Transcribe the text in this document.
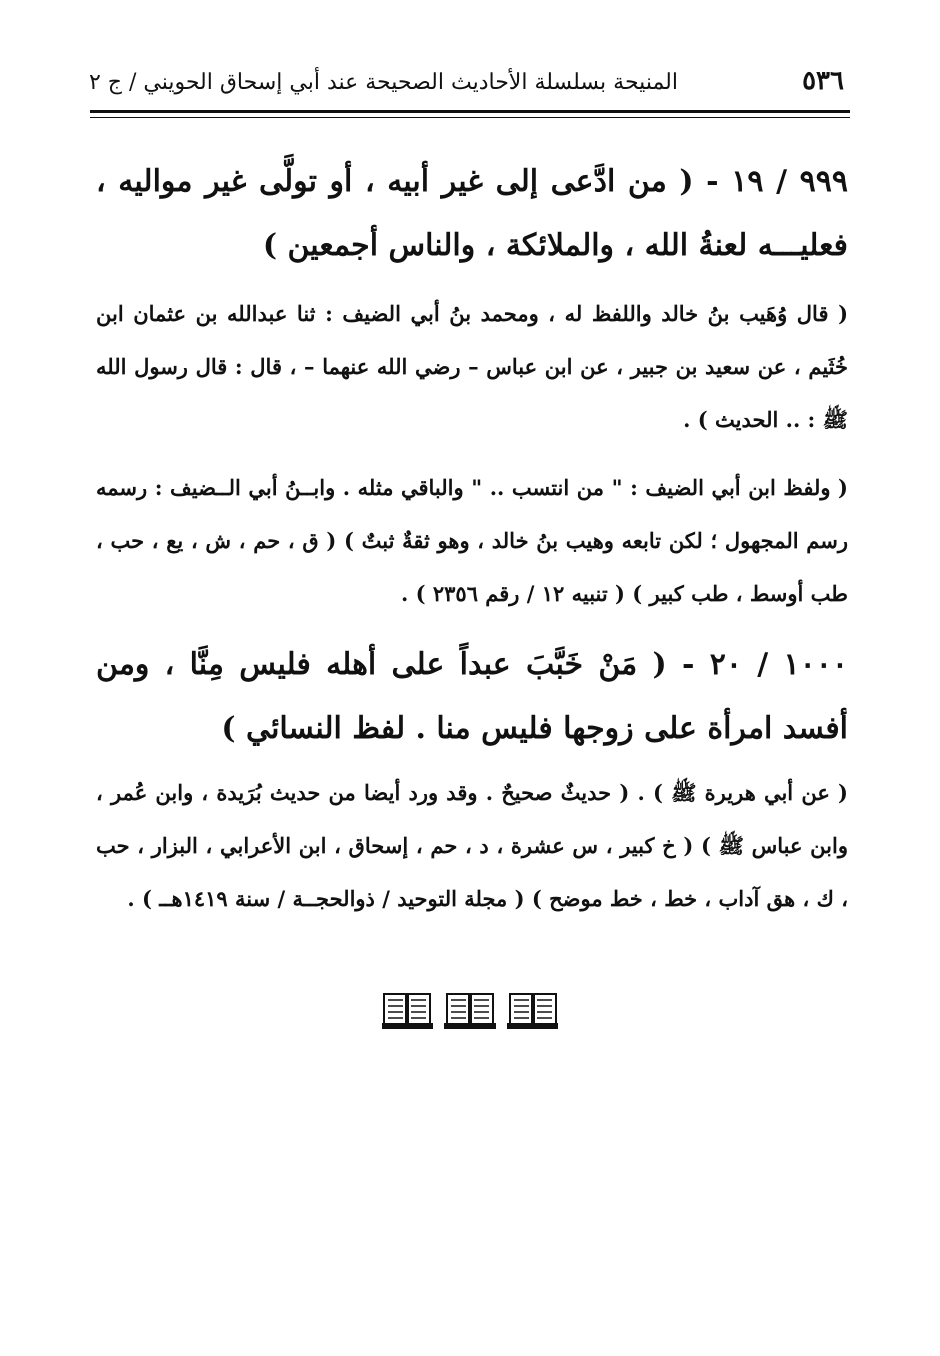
٥٣٦
المنيحة بسلسلة الأحاديث الصحيحة عند أبي إسحاق الحويني / ج ٢
٩٩٩ / ١٩ - ( من ادَّعى إلى غير أبيه ، أو تولَّى غير مواليه ، فعليـــه لعنةُ الله ، والملائكة ، والناس أجمعين )
( قال وُهَيب بنُ خالد واللفظ له ، ومحمد بنُ أبي الضيف : ثنا عبدالله بن عثمان ابن خُثَيم ، عن سعيد بن جبير ، عن ابن عباس – رضي الله عنهما – ، قال : قال رسول الله ﷺ : .. الحديث ) .
( ولفظ ابن أبي الضيف : " من انتسب .. " والباقي مثله . وابــنُ أبي الــضيف : رسمه رسم المجهول ؛ لكن تابعه وهيب بنُ خالد ، وهو ثقةٌ ثبتٌ ) ( ق ، حم ، ش ، يع ، حب ، طب أوسط ، طب كبير ) ( تنبيه ١٢ / رقم ٢٣٥٦ ) .
١٠٠٠ / ٢٠ - ( مَنْ خَبَّبَ عبداً على أهله فليس مِنَّا ، ومن أفسد امرأة على زوجها فليس منا . لفظ النسائي )
( عن أبي هريرة ﷺ ) . ( حديثٌ صحيحٌ . وقد ورد أيضا من حديث بُرَيدة ، وابن عُمر ، وابن عباس ﷺ ) ( خ كبير ، س عشرة ، د ، حم ، إسحاق ، ابن الأعرابي ، البزار ، حب ، ك ، هق آداب ، خط ، خط موضح ) ( مجلة التوحيد / ذوالحجــة / سنة ١٤١٩هــ ) .
